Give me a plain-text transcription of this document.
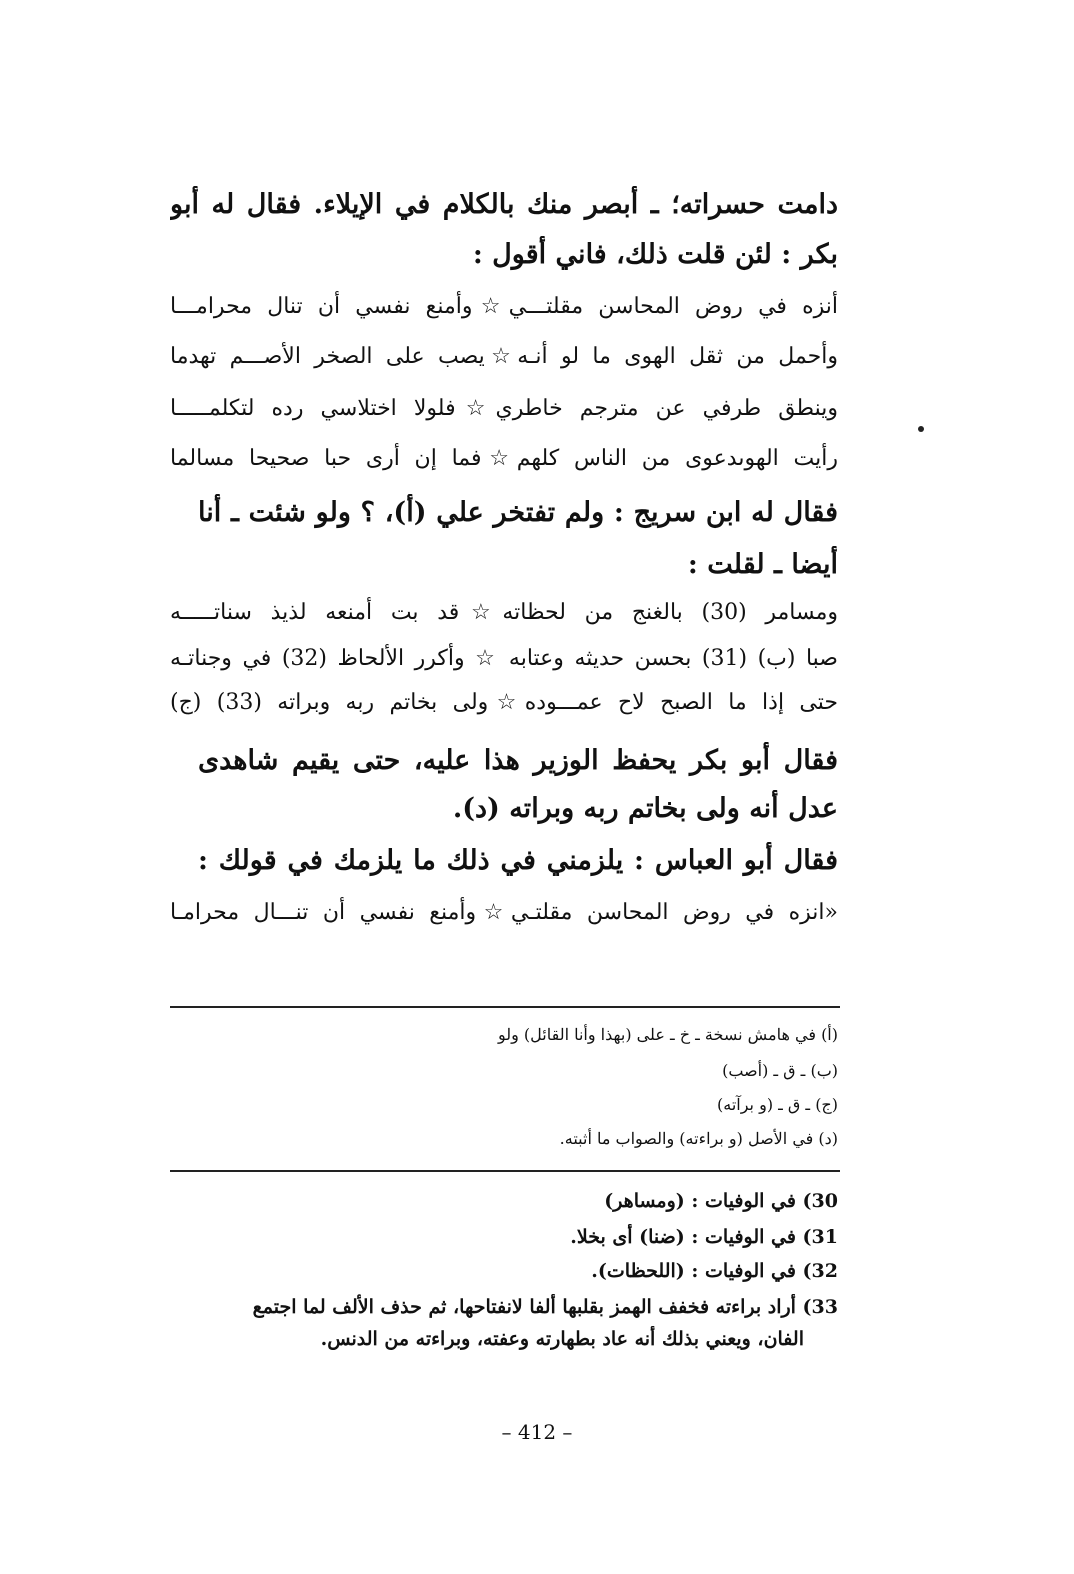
دامت حسراته؛ ـ أبصر منك بالكلام في الإيلاء. فقال له أبو
بكر : لئن قلت ذلك، فاني أقول :
أنزه في روض المحاسن مقلتـــي☆وأمنع نفسي أن تنال محرامـــا
وأحمل من ثقل الهوى ما لو أنـه☆يصب على الصخر الأصـــم تهدما
وينطق طرفي عن مترجم خاطري☆فلولا اختلاسي رده لتكلمـــــا
رأيت الهوىدعوى من الناس كلهم☆فما إن أرى حبا صحيحا مسالما
فقال له ابن سريج : ولم تفتخر علي (أ)، ؟ ولو شئت ـ أنا
أيضا ـ لقلت :
ومسامر (30) بالغنج من لحظاته☆قد بت أمنعه لذيذ سناتـــــه
صبا (ب) (31) بحسن حديثه وعتابه ☆ وأكرر الألحاظ (32) في وجناتـه
حتى إذا ما الصبح لاح عمـــوده☆ولى بخاتم ربه وبراته (33) (ج)
فقال أبو بكر يحفظ الوزير هذا عليه، حتى يقيم شاهدى
عدل أنه ولى بخاتم ربه وبراته (د).
فقال أبو العباس : يلزمني في ذلك ما يلزمك في قولك :
«انزه في روض المحاسن مقلتـي☆وأمنع نفسي أن تنـــال محرامـا
(أ) في هامش نسخة ـ خ ـ على (بهذا وأنا القائل) ولو
(ب) ـ ق ـ (أصب)
(ج) ـ ق ـ (و برآته)
(د) في الأصل (و براءته) والصواب ما أثبته.
30) في الوفيات : (ومساهر)
31) في الوفيات : (ضنا) أى بخلا.
32) في الوفيات : (اللحظات).
33) أراد براءته فخفف الهمز بقلبها ألفا لانفتاحها، ثم حذف الألف لما اجتمع
الفان، ويعني بذلك أنه عاد بطهارته وعفته، وبراءته من الدنس.
– 412 –
